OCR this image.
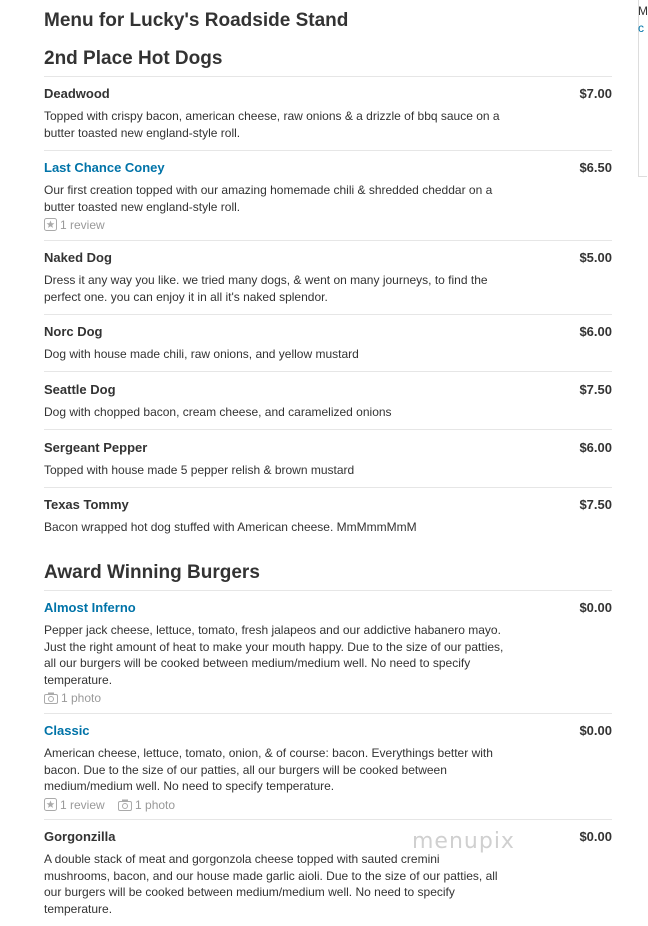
Menu for Lucky's Roadside Stand	M
c
2nd Place Hot Dogs
Deadwood	$7.00
Topped with crispy bacon, american cheese, raw onions & a drizzle of bbq sauce on a butter toasted new england-style roll.
Last Chance Coney	$6.50
Our first creation topped with our amazing homemade chili & shredded cheddar on a butter toasted new england-style roll.
1 review
Naked Dog	$5.00
Dress it any way you like. we tried many dogs, & went on many journeys, to find the perfect one. you can enjoy it in all it's naked splendor.
Norc Dog	$6.00
Dog with house made chili, raw onions, and yellow mustard
Seattle Dog	$7.50
Dog with chopped bacon, cream cheese, and caramelized onions
Sergeant Pepper	$6.00
Topped with house made 5 pepper relish & brown mustard
Texas Tommy	$7.50
Bacon wrapped hot dog stuffed with American cheese. MmMmmMmM
Award Winning Burgers
Almost Inferno	$0.00
Pepper jack cheese, lettuce, tomato, fresh jalapeos and our addictive habanero mayo. Just the right amount of heat to make your mouth happy. Due to the size of our patties, all our burgers will be cooked between medium/medium well. No need to specify temperature.
1 photo
Classic	$0.00
American cheese, lettuce, tomato, onion, & of course: bacon. Everythings better with bacon. Due to the size of our patties, all our burgers will be cooked between medium/medium well. No need to specify temperature.
1 review	1 photo
Gorgonzilla	$0.00
A double stack of meat and gorgonzola cheese topped with sauted cremini mushrooms, bacon, and our house made garlic aioli. Due to the size of our patties, all our burgers will be cooked between medium/medium well. No need to specify temperature.
menupix
